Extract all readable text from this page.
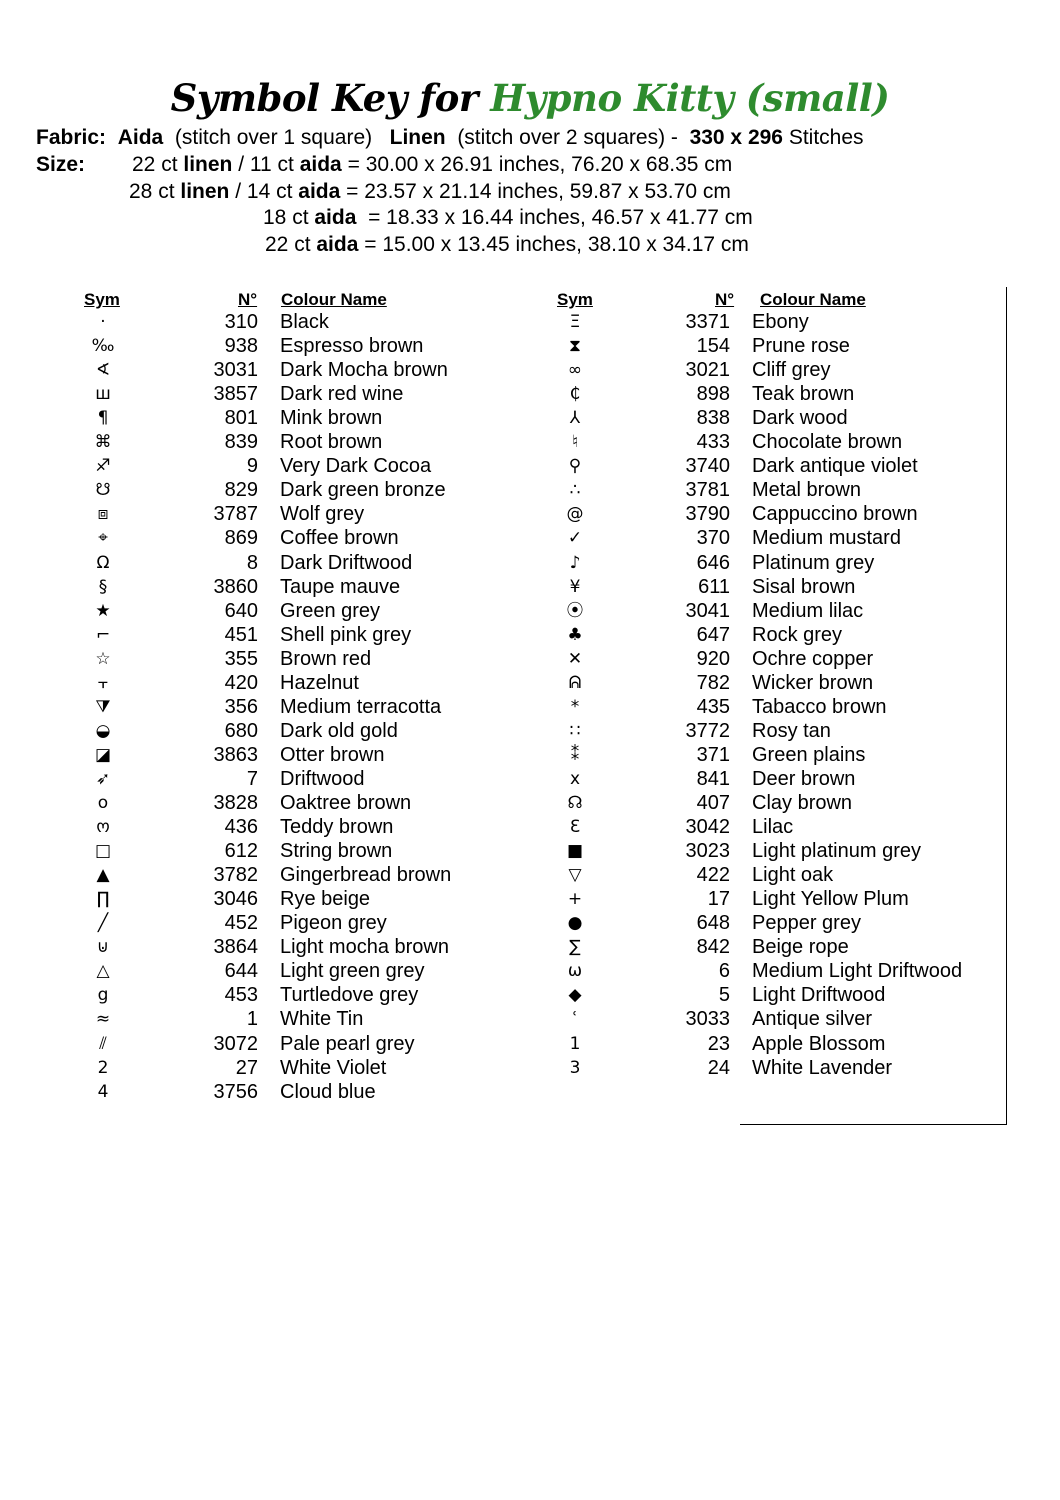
Symbol Key for Hypno Kitty (small)
Fabric: Aida (stitch over 1 square) Linen (stitch over 2 squares) - 330 x 296 Stitches
Size: 22 ct linen / 11 ct aida = 30.00 x 26.91 inches, 76.20 x 68.35 cm
28 ct linen / 14 ct aida = 23.57 x 21.14 inches, 59.87 x 53.70 cm
18 ct aida  = 18.33 x 16.44 inches, 46.57 x 41.77 cm
22 ct aida = 15.00 x 13.45 inches, 38.10 x 34.17 cm
Sym	N° Colour Name	Sym	N° Colour Name
·	310 Black
‰	938 Espresso brown
∢	3031 Dark Mocha brown
ш	3857 Dark red wine
¶	801 Mink brown
⌘	839 Root brown
♐	9 Very Dark Cocoa
☋	829 Dark green bronze
⧈	3787 Wolf grey
⌖	869 Coffee brown
Ω	8 Dark Driftwood
§	3860 Taupe mauve
★	640 Green grey
⌐	451 Shell pink grey
☆	355 Brown red
⫟	420 Hazelnut
⧩	356 Medium terracotta
◒	680 Dark old gold
◪	3863 Otter brown
➶	7 Driftwood
o	3828 Oaktree brown
ო	436 Teddy brown
□	612 String brown
▲	3782 Gingerbread brown
∏	3046 Rye beige
╱	452 Pigeon grey
⊍	3864 Light mocha brown
△	644 Light green grey
g	453 Turtledove grey
≈	1 White Tin
⫽	3072 Pale pearl grey
2	27 White Violet
4	3756 Cloud blue
Ξ	3371 Ebony
⧗	154 Prune rose
∞	3021 Cliff grey
₵	898 Teak brown
⅄	838 Dark wood
♮	433 Chocolate brown
⚲	3740 Dark antique violet
∴	3781 Metal brown
@	3790 Cappuccino brown
✓	370 Medium mustard
♪	646 Platinum grey
¥	611 Sisal brown
⦿	3041 Medium lilac
♣	647 Rock grey
✕	920 Ochre copper
ᕱ	782 Wicker brown
*	435 Tabacco brown
∷	3772 Rosy tan
⁑	371 Green plains
x	841 Deer brown
☊	407 Clay brown
Ɛ	3042 Lilac
■	3023 Light platinum grey
▽	422 Light oak
+	17 Light Yellow Plum
●	648 Pepper grey
∑	842 Beige rope
ω	6 Medium Light Driftwood
◆	5 Light Driftwood
ʿ	3033 Antique silver
1	23 Apple Blossom
3	24 White Lavender
